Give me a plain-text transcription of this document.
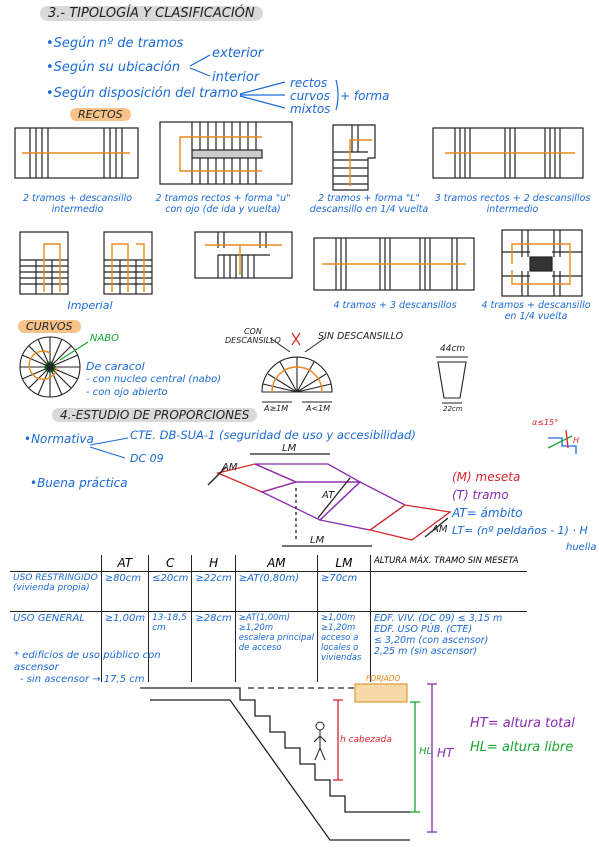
3.- TIPOLOGÍA Y CLASIFICACIÓN
•Según nº de tramos
•Según su ubicación
exterior
interior
•Según disposición del tramo
rectos
curvos
mixtos
+ forma
RECTOS
2 tramos + descansillo
intermedio
2 tramos rectos + forma "u"
con ojo (de ida y vuelta)
2 tramos + forma "L"
descansillo en 1/4 vuelta
3 tramos rectos + 2 descansillos
intermedio
Imperial	4 tramos + 3 descansillos	4 tramos + descansillo
en 1/4 vuelta
CURVOS
NABO
De caracol
- con nucleo central (nabo)
- con ojo abierto
CON
DESCANSILLO	SIN DESCANSILLO
A≥1M A<1M
44cm
22cm
4.-ESTUDIO DE PROPORCIONES
•Normativa	CTE. DB-SUA-1 (seguridad de uso y accesibilidad)
DC 09
•Buena práctica
α≤15°
H
AM
LM
AT
LM
AM
(M) meseta
(T) tramo
AT= ámbito
LT= (nº peldaños - 1) · H
huella
	AT	C	H	AM	LM	ALTURA MÁX. TRAMO SIN MESETA
USO RESTRINGIDO
(vivienda propia)	≥80cm	≤20cm	≥22cm	≥AT(0,80m)	≥70cm	
USO GENERAL	≥1,00m	13-18,5
cm	≥28cm	≥AT(1,00m)
≥1,20m
escalera principal
de acceso	≥1,00m
≥1,20m
acceso a
locales o
viviendas	EDF. VIV. (DC 09) ≤ 3,15 m
EDF. USO PÚB. (CTE)
≤ 3,20m (con ascensor)
2,25 m (sin ascensor)
* edificios de uso público con
ascensor
- sin ascensor → 17,5 cm	FORJADO
h cabezada
HL HT
HT= altura total
HL= altura libre
